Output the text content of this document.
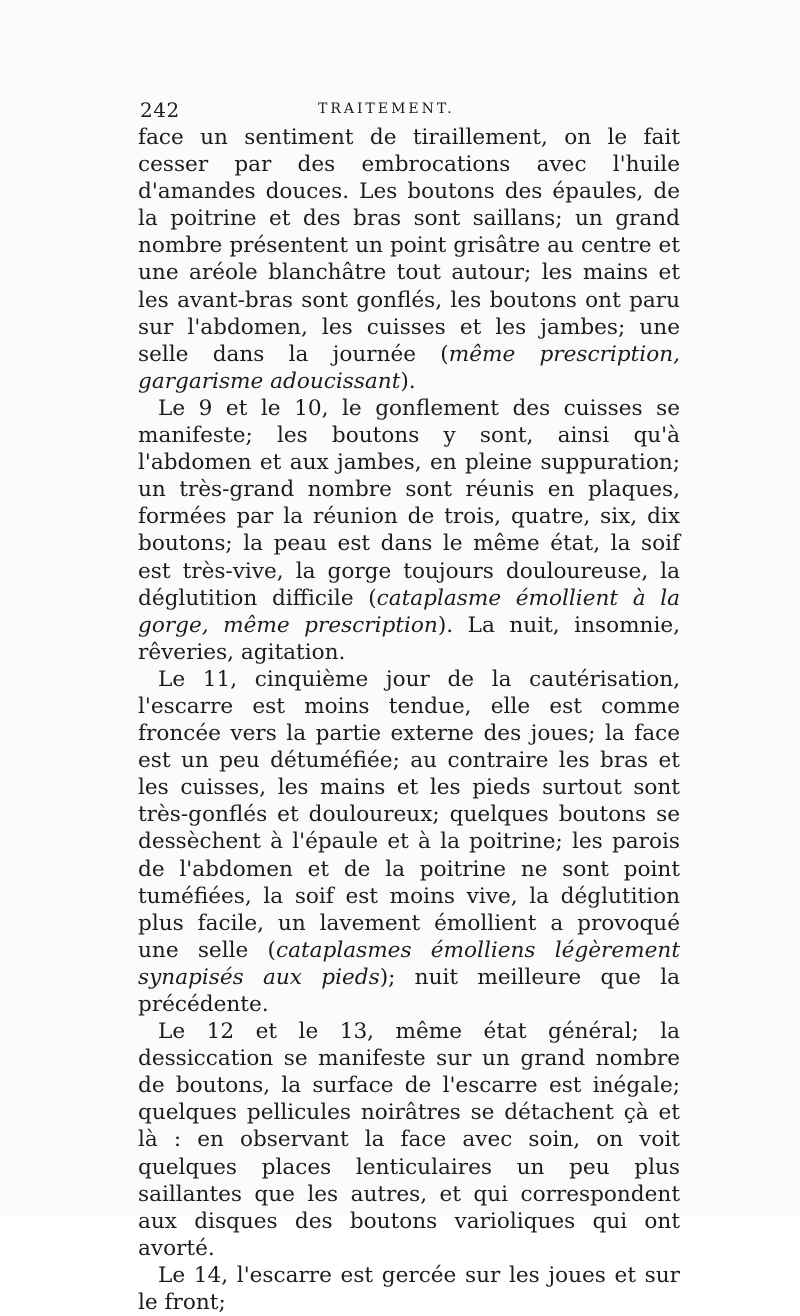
242	TRAITEMENT.

face un sentiment de tiraillement, on le fait cesser par des embrocations avec l'huile d'amandes douces. Les boutons des épaules, de la poitrine et des bras sont saillans; un grand nombre présentent un point grisâtre au centre et une aréole blanchâtre tout autour; les mains et les avant-bras sont gonflés, les boutons ont paru sur l'abdomen, les cuisses et les jambes; une selle dans la journée (même prescription, gargarisme adoucissant).

Le 9 et le 10, le gonflement des cuisses se manifeste; les boutons y sont, ainsi qu'à l'abdomen et aux jambes, en pleine suppuration; un très-grand nombre sont réunis en plaques, formées par la réunion de trois, quatre, six, dix boutons; la peau est dans le même état, la soif est très-vive, la gorge toujours douloureuse, la déglutition difficile (cataplasme émollient à la gorge, même prescription). La nuit, insomnie, rêveries, agitation.

Le 11, cinquième jour de la cautérisation, l'escarre est moins tendue, elle est comme froncée vers la partie externe des joues; la face est un peu détuméfiée; au contraire les bras et les cuisses, les mains et les pieds surtout sont très-gonflés et douloureux; quelques boutons se dessèchent à l'épaule et à la poitrine; les parois de l'abdomen et de la poitrine ne sont point tuméfiées, la soif est moins vive, la déglutition plus facile, un lavement émollient a provoqué une selle (cataplasmes émolliens légèrement synapisés aux pieds); nuit meilleure que la précédente.

Le 12 et le 13, même état général; la dessiccation se manifeste sur un grand nombre de boutons, la surface de l'escarre est inégale; quelques pellicules noirâtres se détachent çà et là : en observant la face avec soin, on voit quelques places lenticulaires un peu plus saillantes que les autres, et qui correspondent aux disques des boutons varioliques qui ont avorté.

Le 14, l'escarre est gercée sur les joues et sur le front;
